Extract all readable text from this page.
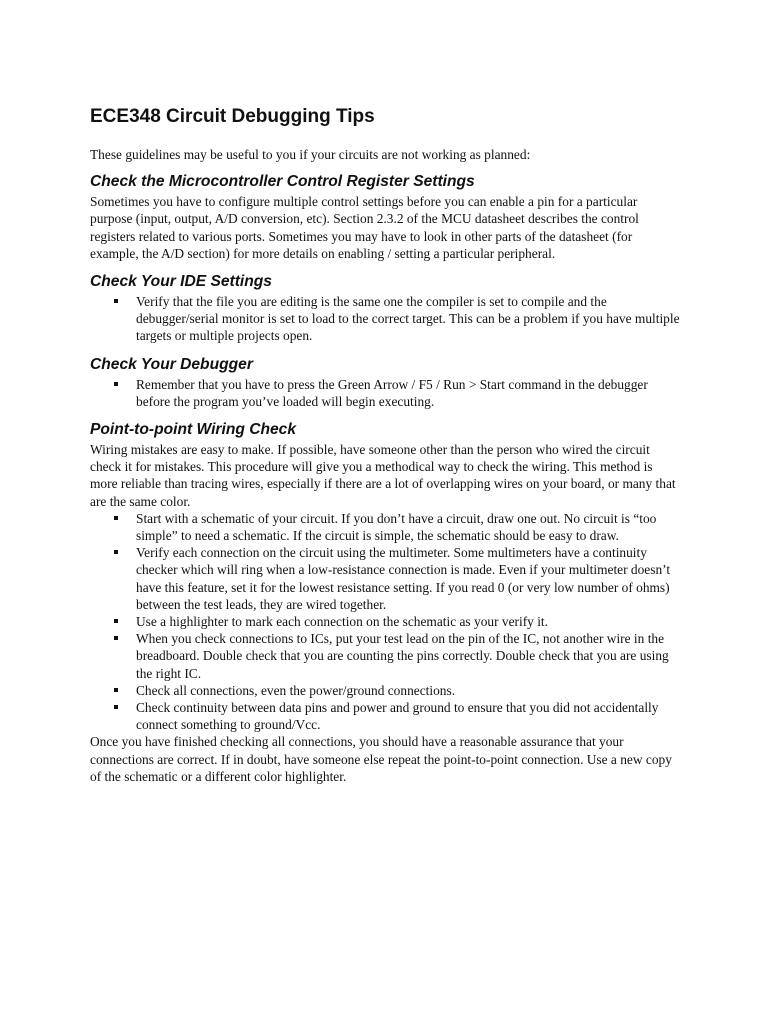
ECE348 Circuit Debugging Tips

These guidelines may be useful to you if your circuits are not working as planned:

Check the Microcontroller Control Register Settings

Sometimes you have to configure multiple control settings before you can enable a pin for a particular purpose (input, output, A/D conversion, etc). Section 2.3.2 of the MCU datasheet describes the control registers related to various ports. Sometimes you may have to look in other parts of the datasheet (for example, the A/D section) for more details on enabling / setting a particular peripheral.

Check Your IDE Settings
Verify that the file you are editing is the same one the compiler is set to compile and the debugger/serial monitor is set to load to the correct target. This can be a problem if you have multiple targets or multiple projects open.
Check Your Debugger
Remember that you have to press the Green Arrow / F5 / Run > Start command in the debugger before the program you’ve loaded will begin executing.
Point-to-point Wiring Check

Wiring mistakes are easy to make. If possible, have someone other than the person who wired the circuit check it for mistakes. This procedure will give you a methodical way to check the wiring. This method is more reliable than tracing wires, especially if there are a lot of overlapping wires on your board, or many that are the same color.

Start with a schematic of your circuit. If you don’t have a circuit, draw one out. No circuit is “too simple” to need a schematic. If the circuit is simple, the schematic should be easy to draw.
Verify each connection on the circuit using the multimeter. Some multimeters have a continuity checker which will ring when a low-resistance connection is made. Even if your multimeter doesn’t have this feature, set it for the lowest resistance setting. If you read 0 (or very low number of ohms) between the test leads, they are wired together.
Use a highlighter to mark each connection on the schematic as your verify it.
When you check connections to ICs, put your test lead on the pin of the IC, not another wire in the breadboard. Double check that you are counting the pins correctly. Double check that you are using the right IC.
Check all connections, even the power/ground connections.
Check continuity between data pins and power and ground to ensure that you did not accidentally connect something to ground/Vcc.

Once you have finished checking all connections, you should have a reasonable assurance that your connections are correct. If in doubt, have someone else repeat the point-to-point connection. Use a new copy of the schematic or a different color highlighter.
